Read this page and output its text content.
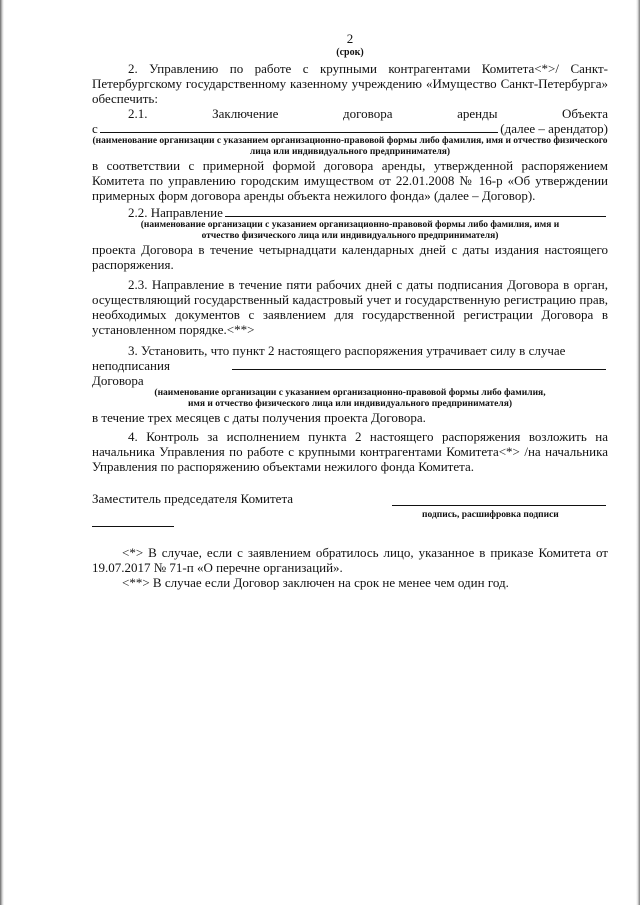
2
(срок)

2. Управлению по работе с крупными контрагентами Комитета<*>/ Санкт-Петербургскому государственному казенному учреждению «Имущество Санкт-Петербурга» обеспечить:

2.1.	Заключение	договора	аренды	Объекта
с	(далее – арендатор)

(наименование организации с указанием организационно-правовой формы либо фамилия, имя и отчество физического лица или индивидуального предпринимателя)

в соответствии с примерной формой договора аренды, утвержденной распоряжением Комитета по управлению городским имуществом от 22.01.2008 № 16-р «Об утверждении примерных форм договора аренды объекта нежилого фонда» (далее – Договор).

2.2. Направление

(наименование организации с указанием организационно-правовой формы либо фамилия, имя и отчество физического лица или индивидуального предпринимателя)

проекта Договора в течение четырнадцати календарных дней с даты издания настоящего распоряжения.

2.3. Направление в течение пяти рабочих дней с даты подписания Договора в орган, осуществляющий государственный кадастровый учет и государственную регистрацию прав, необходимых документов с заявлением для государственной регистрации Договора в установленном порядке.<**>

3. Установить, что пункт 2 настоящего распоряжения утрачивает силу в случае

неподписания

Договора

(наименование организации с указанием организационно-правовой формы либо фамилия, имя и отчество физического лица или индивидуального предпринимателя)

в течение трех месяцев с даты получения проекта Договора.

4. Контроль за исполнением пункта 2 настоящего распоряжения возложить на начальника Управления по работе с крупными контрагентами Комитета<*> /на начальника Управления по распоряжению объектами нежилого фонда Комитета.

Заместитель председателя Комитета
подпись, расшифровка подписи

<*> В случае, если с заявлением обратилось лицо, указанное в приказе Комитета от 19.07.2017 № 71-п «О перечне организаций».

<**> В случае если Договор заключен на срок не менее чем один год.
